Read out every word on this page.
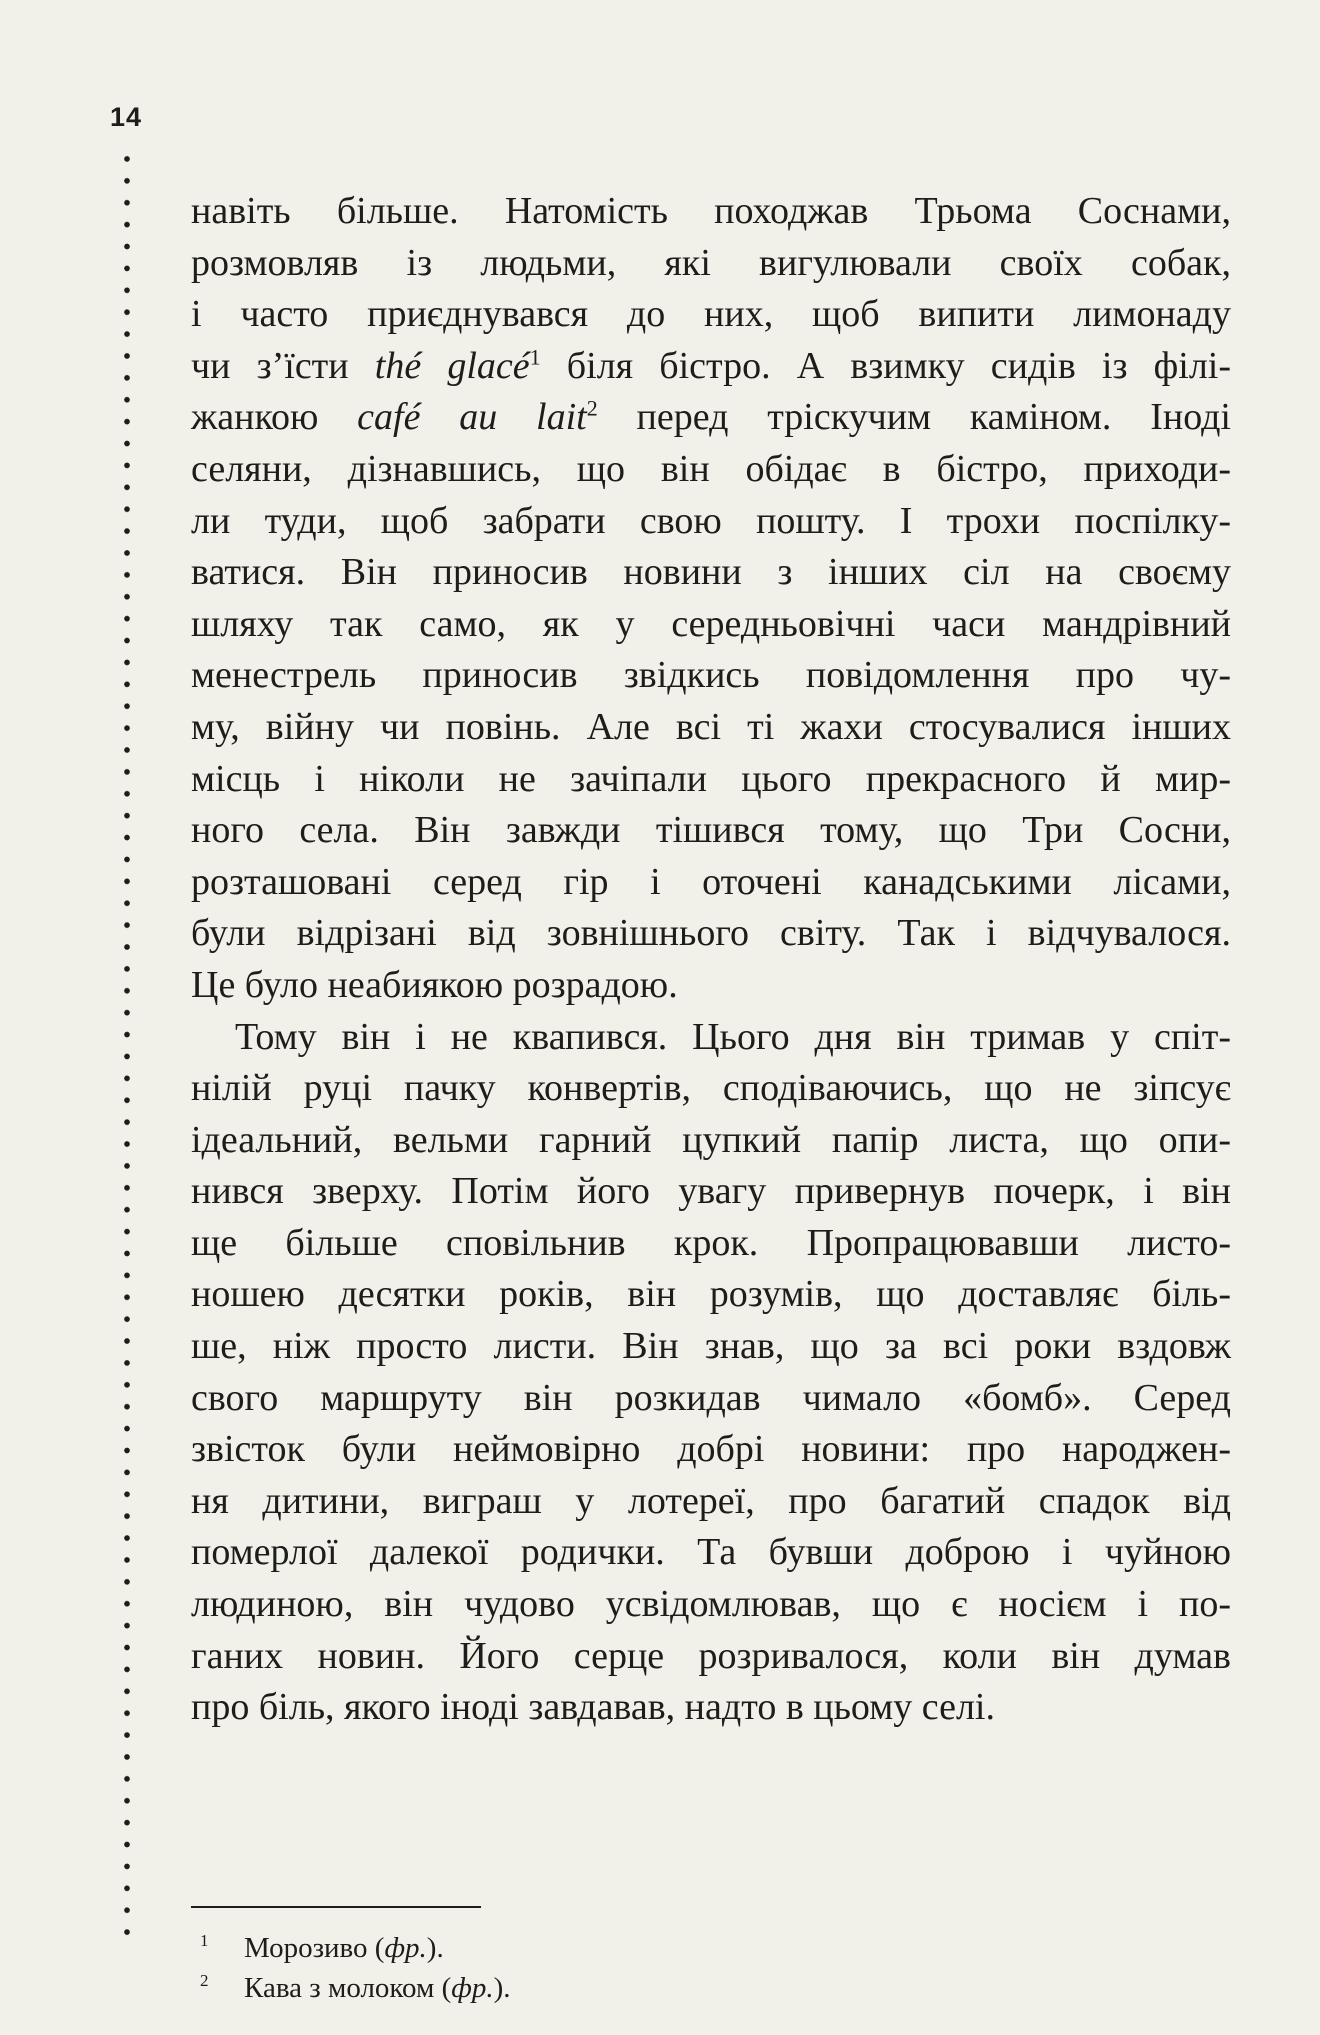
14
навіть більше. Натомість походжав Трьома Соснами,
розмовляв із людьми, які вигулювали своїх собак,
і часто приєднувався до них, щоб випити лимонаду
чи з’їсти thé glacé$^1$ біля бістро. А взимку сидів із філі-
жанкою café au lait$^2$ перед тріскучим каміном. Іноді
селяни, дізнавшись, що він обідає в бістро, приходи-
ли туди, щоб забрати свою пошту. І трохи поспілку-
ватися. Він приносив новини з інших сіл на своєму
шляху так само, як у середньовічні часи мандрівний
менестрель приносив звідкись повідомлення про чу-
му, війну чи повінь. Але всі ті жахи стосувалися інших
місць і ніколи не зачіпали цього прекрасного й мир-
ного села. Він завжди тішився тому, що Три Сосни,
розташовані серед гір і оточені канадськими лісами,
були відрізані від зовнішнього світу. Так і відчувалося.
Це було неабиякою розрадою.
Тому він і не квапився. Цього дня він тримав у спіт-
нілій руці пачку конвертів, сподіваючись, що не зіпсує
ідеальний, вельми гарний цупкий папір листа, що опи-
нився зверху. Потім його увагу привернув почерк, і він
ще більше сповільнив крок. Пропрацювавши листо-
ношею десятки років, він розумів, що доставляє біль-
ше, ніж просто листи. Він знав, що за всі роки вздовж
свого маршруту він розкидав чимало «бомб». Серед
звісток були неймовірно добрі новини: про народжен-
ня дитини, виграш у лотереї, про багатий спадок від
померлої далекої родички. Та бувши доброю і чуйною
людиною, він чудово усвідомлював, що є носієм і по-
ганих новин. Його серце розривалося, коли він думав
про біль, якого іноді завдавав, надто в цьому селі.
1 Морозиво (фр.).
2 Кава з молоком (фр.).
